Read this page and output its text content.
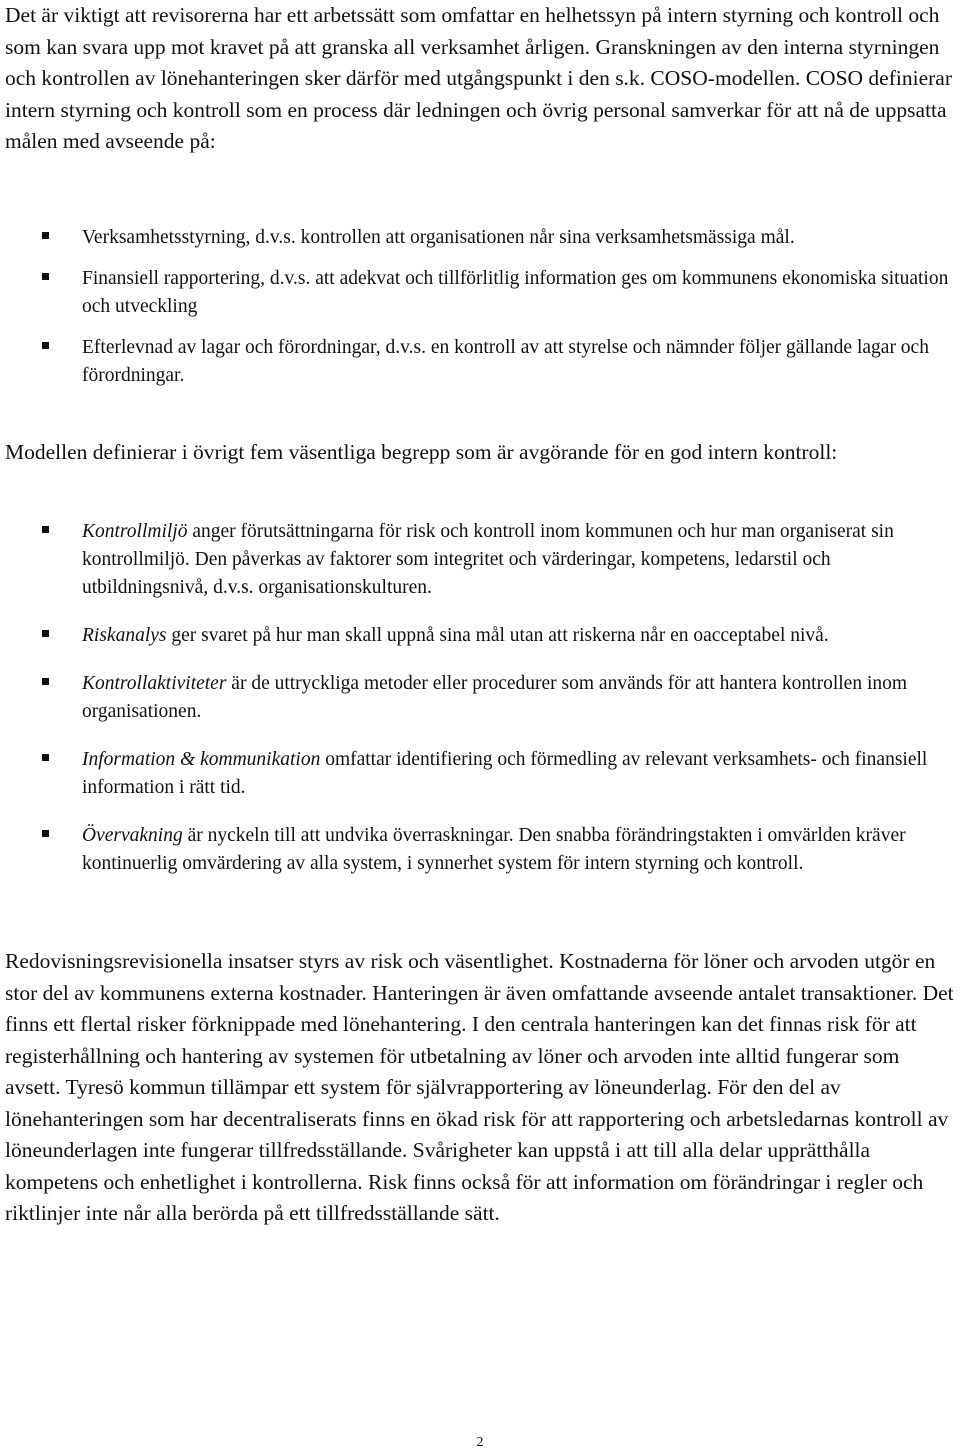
Det är viktigt att revisorerna har ett arbetssätt som omfattar en helhetssyn på intern styrning och kontroll och som kan svara upp mot kravet på att granska all verksamhet årligen. Granskningen av den interna styrningen och kontrollen av lönehanteringen sker därför med utgångspunkt i den s.k. COSO-modellen. COSO definierar intern styrning och kontroll som en process där ledningen och övrig personal samverkar för att nå de uppsatta målen med avseende på:

Verksamhetsstyrning, d.v.s. kontrollen att organisationen når sina verksamhetsmässiga mål.
Finansiell rapportering, d.v.s. att adekvat och tillförlitlig information ges om kommunens ekonomiska situation och utveckling
Efterlevnad av lagar och förordningar, d.v.s. en kontroll av att styrelse och nämnder följer gällande lagar och förordningar.

Modellen definierar i övrigt fem väsentliga begrepp som är avgörande för en god intern kontroll:

Kontrollmiljö anger förutsättningarna för risk och kontroll inom kommunen och hur man organiserat sin kontrollmiljö. Den påverkas av faktorer som integritet och värderingar, kompetens, ledarstil och utbildningsnivå, d.v.s. organisationskulturen.
Riskanalys ger svaret på hur man skall uppnå sina mål utan att riskerna når en oacceptabel nivå.
Kontrollaktiviteter är de uttryckliga metoder eller procedurer som används för att hantera kontrollen inom organisationen.
Information & kommunikation omfattar identifiering och förmedling av relevant verksamhets- och finansiell information i rätt tid.
Övervakning är nyckeln till att undvika överraskningar. Den snabba förändringstakten i omvärlden kräver kontinuerlig omvärdering av alla system, i synnerhet system för intern styrning och kontroll.

Redovisningsrevisionella insatser styrs av risk och väsentlighet. Kostnaderna för löner och arvoden utgör en stor del av kommunens externa kostnader. Hanteringen är även omfattande avseende antalet transaktioner. Det finns ett flertal risker förknippade med lönehantering. I den centrala hanteringen kan det finnas risk för att registerhållning och hantering av systemen för utbetalning av löner och arvoden inte alltid fungerar som avsett. Tyresö kommun tillämpar ett system för självrapportering av löneunderlag. För den del av lönehanteringen som har decentraliserats finns en ökad risk för att rapportering och arbetsledarnas kontroll av löneunderlagen inte fungerar tillfredsställande. Svårigheter kan uppstå i att till alla delar upprätthålla kompetens och enhetlighet i kontrollerna. Risk finns också för att information om förändringar i regler och riktlinjer inte når alla berörda på ett tillfredsställande sätt.

2
